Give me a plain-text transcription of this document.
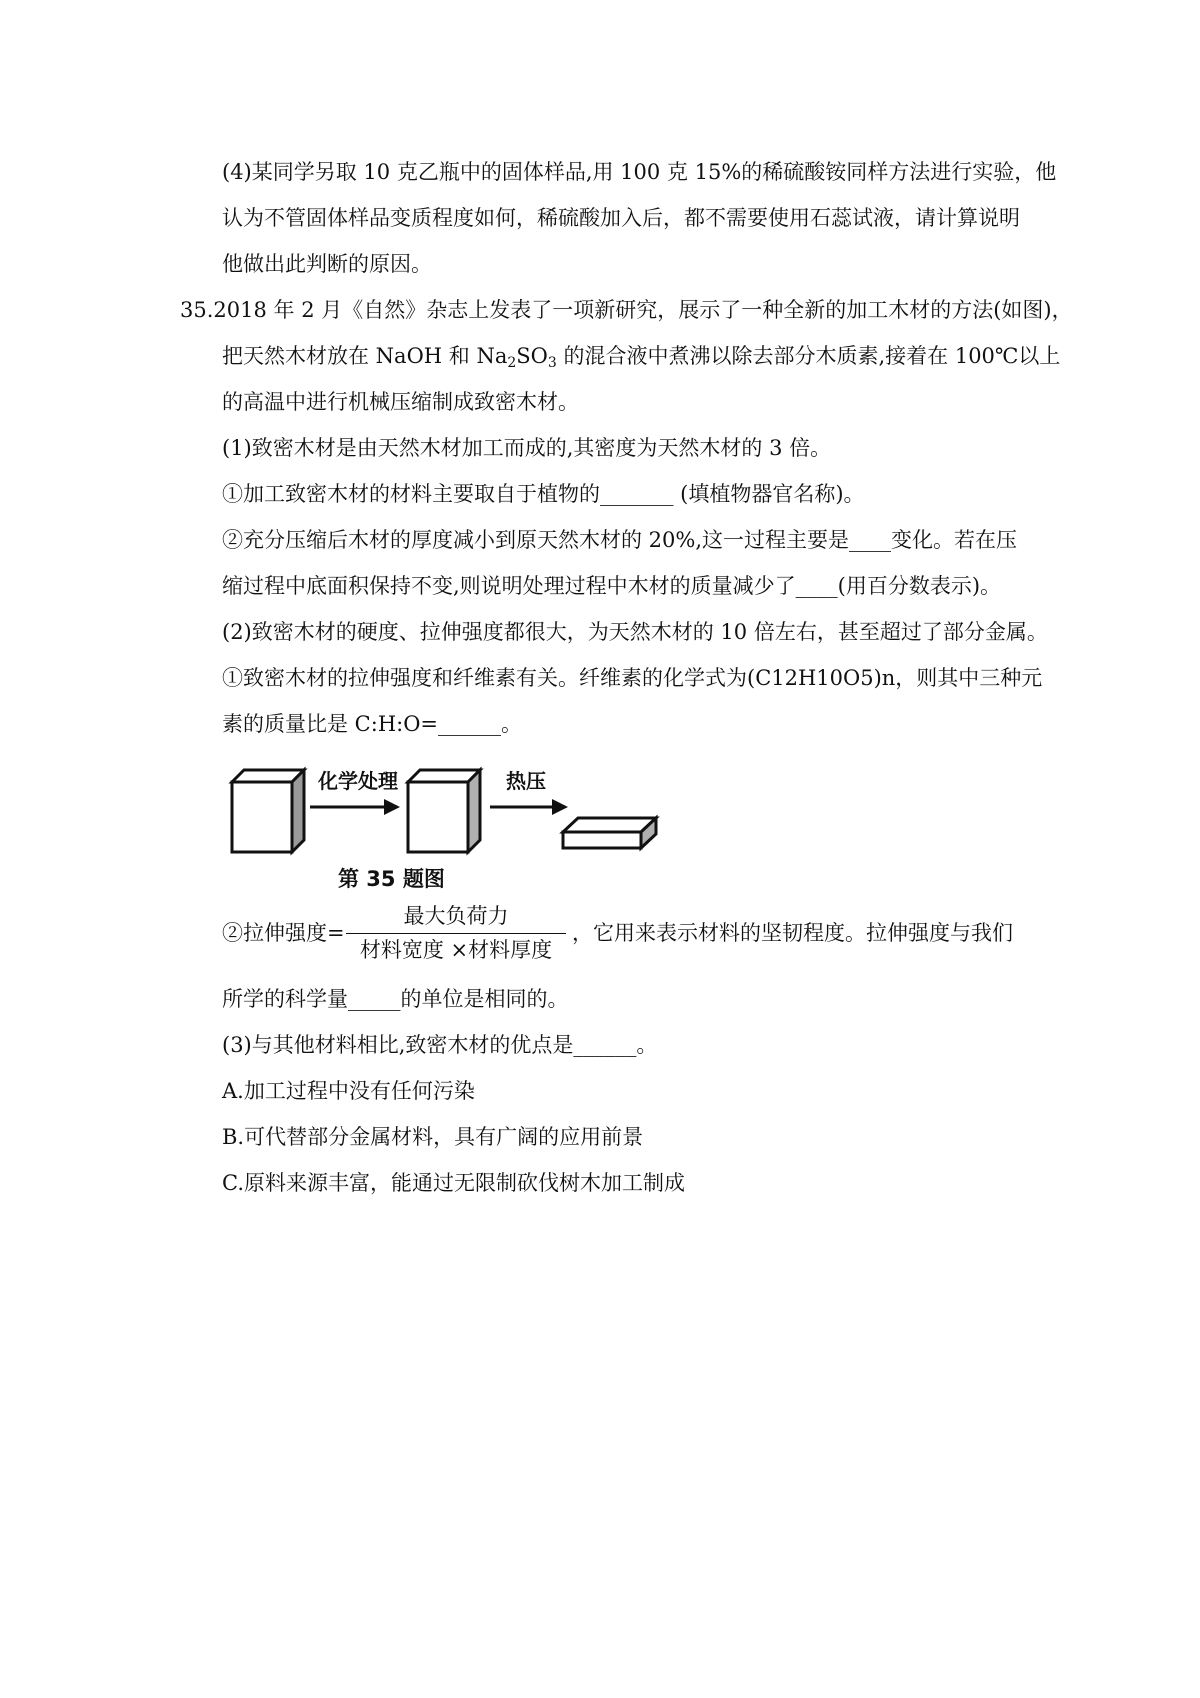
(4)某同学另取 10 克乙瓶中的固体样品,用 100 克 15%的稀硫酸铵同样方法进行实验，他
认为不管固体样品变质程度如何，稀硫酸加入后，都不需要使用石蕊试液，请计算说明
他做出此判断的原因。
35.2018 年 2 月《自然》杂志上发表了一项新研究，展示了一种全新的加工木材的方法(如图)，
把天然木材放在 NaOH 和 $Na_2SO_3$ 的混合液中煮沸以除去部分木质素,接着在 100℃以上
的高温中进行机械压缩制成致密木材。
(1)致密木材是由天然木材加工而成的,其密度为天然木材的 3 倍。
①加工致密木材的材料主要取自于植物的_______ (填植物器官名称)。
②充分压缩后木材的厚度减小到原天然木材的 20%,这一过程主要是____变化。若在压
缩过程中底面积保持不变,则说明处理过程中木材的质量减少了____(用百分数表示)。
(2)致密木材的硬度、拉伸强度都很大，为天然木材的 10 倍左右，甚至超过了部分金属。
①致密木材的拉伸强度和纤维素有关。纤维素的化学式为(C12H10O5)n，则其中三种元
素的质量比是 C:H:O=______。
化学处理	热压
第 35 题图
②拉伸强度=
最大负荷力
材料宽度 ×材料厚度
，它用来表示材料的坚韧程度。拉伸强度与我们
所学的科学量_____的单位是相同的。
(3)与其他材料相比,致密木材的优点是______。
A.加工过程中没有任何污染
B.可代替部分金属材料，具有广阔的应用前景
C.原料来源丰富，能通过无限制砍伐树木加工制成
